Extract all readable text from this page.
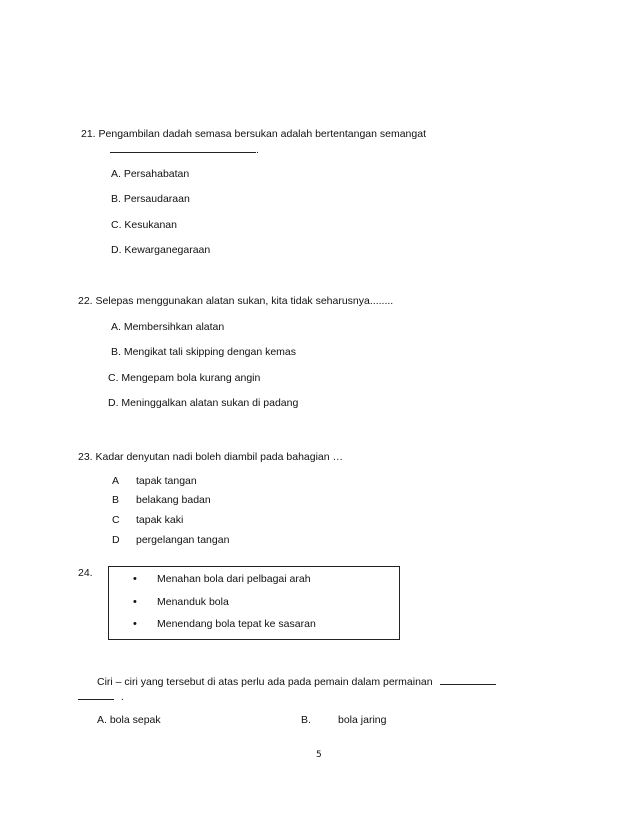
21. Pengambilan dadah semasa bersukan adalah bertentangan semangat
.
A. Persahabatan
B. Persaudaraan
C. Kesukanan
D. Kewarganegaraan
22. Selepas menggunakan alatan sukan, kita tidak seharusnya........
A. Membersihkan alatan
B. Mengikat tali skipping dengan kemas
C. Mengepam bola kurang angin
D. Meninggalkan alatan sukan di padang
23. Kadar denyutan nadi boleh diambil pada bahagian …
A tapak tangan
B belakang badan
C tapak kaki
D pergelangan tangan
24.	• Menahan bola dari pelbagai arah
• Menanduk bola
• Menendang bola tepat ke sasaran
Ciri – ciri yang tersebut di atas perlu ada pada pemain dalam permainan
.
A. bola sepak	B.	bola jaring
5
